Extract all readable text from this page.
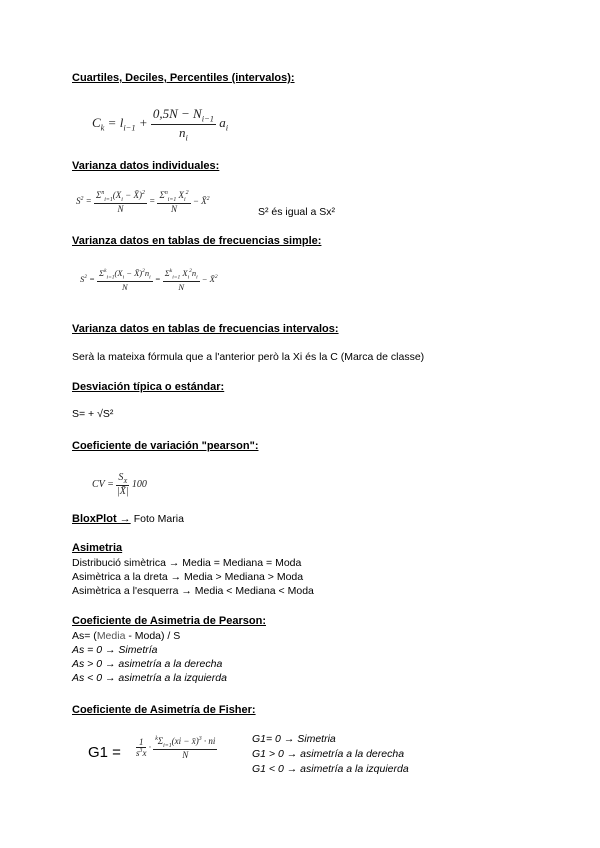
Cuartiles, Deciles, Percentiles (intervalos):
$C_k = l_{i-1} + \frac{0,5N - N_{i-1}}{n_i} a_i$
Varianza datos individuales:
$S^2 = \frac{\Sigma^n_{i=1}(X_i - X̄)^2}{N} = \frac{\Sigma^n_{i=1} X_i^2}{N}$ − X̄$^2$
S² és igual a Sx²
Varianza datos en tablas de frecuencias simple:
$S^2 = \frac{\Sigma^k_{i=1}(X_i - X̄)^2n_i}{N} = \frac{\Sigma^k_{i=1} X_i^2n_i}{N}$ − X̄$^2$
Varianza datos en tablas de frecuencias intervalos:
Serà la mateixa fórmula que a l'anterior però la Xi és la C (Marca de classe)
Desviación típica o estándar:
S= + √S²
Coeficiente de variación "pearson":
CV = $\frac{S_X}{|X̄|} 100$
BloxPlot → Foto Maria
Asimetria
Distribució simètrica → Media = Mediana = Moda
Asimètrica a la dreta → Media > Mediana > Moda
Asimètrica a l'esquerra → Media < Mediana < Moda
Coeficiente de Asimetria de Pearson:
As= (Media - Moda) / S
As = 0 → Simetría
As > 0 → asimetría a la derecha
As < 0 → asimetría a la izquierda
Coeficiente de Asimetría de Fisher:
$G1 = \frac{1}{s^3x} \cdot \frac{^k\Sigma_{i=1}(xi - x̄)^3 \cdot ni}{N}$	G1= 0 → Simetria
G1 > 0 → asimetría a la derecha
G1 < 0 → asimetría a la izquierda
